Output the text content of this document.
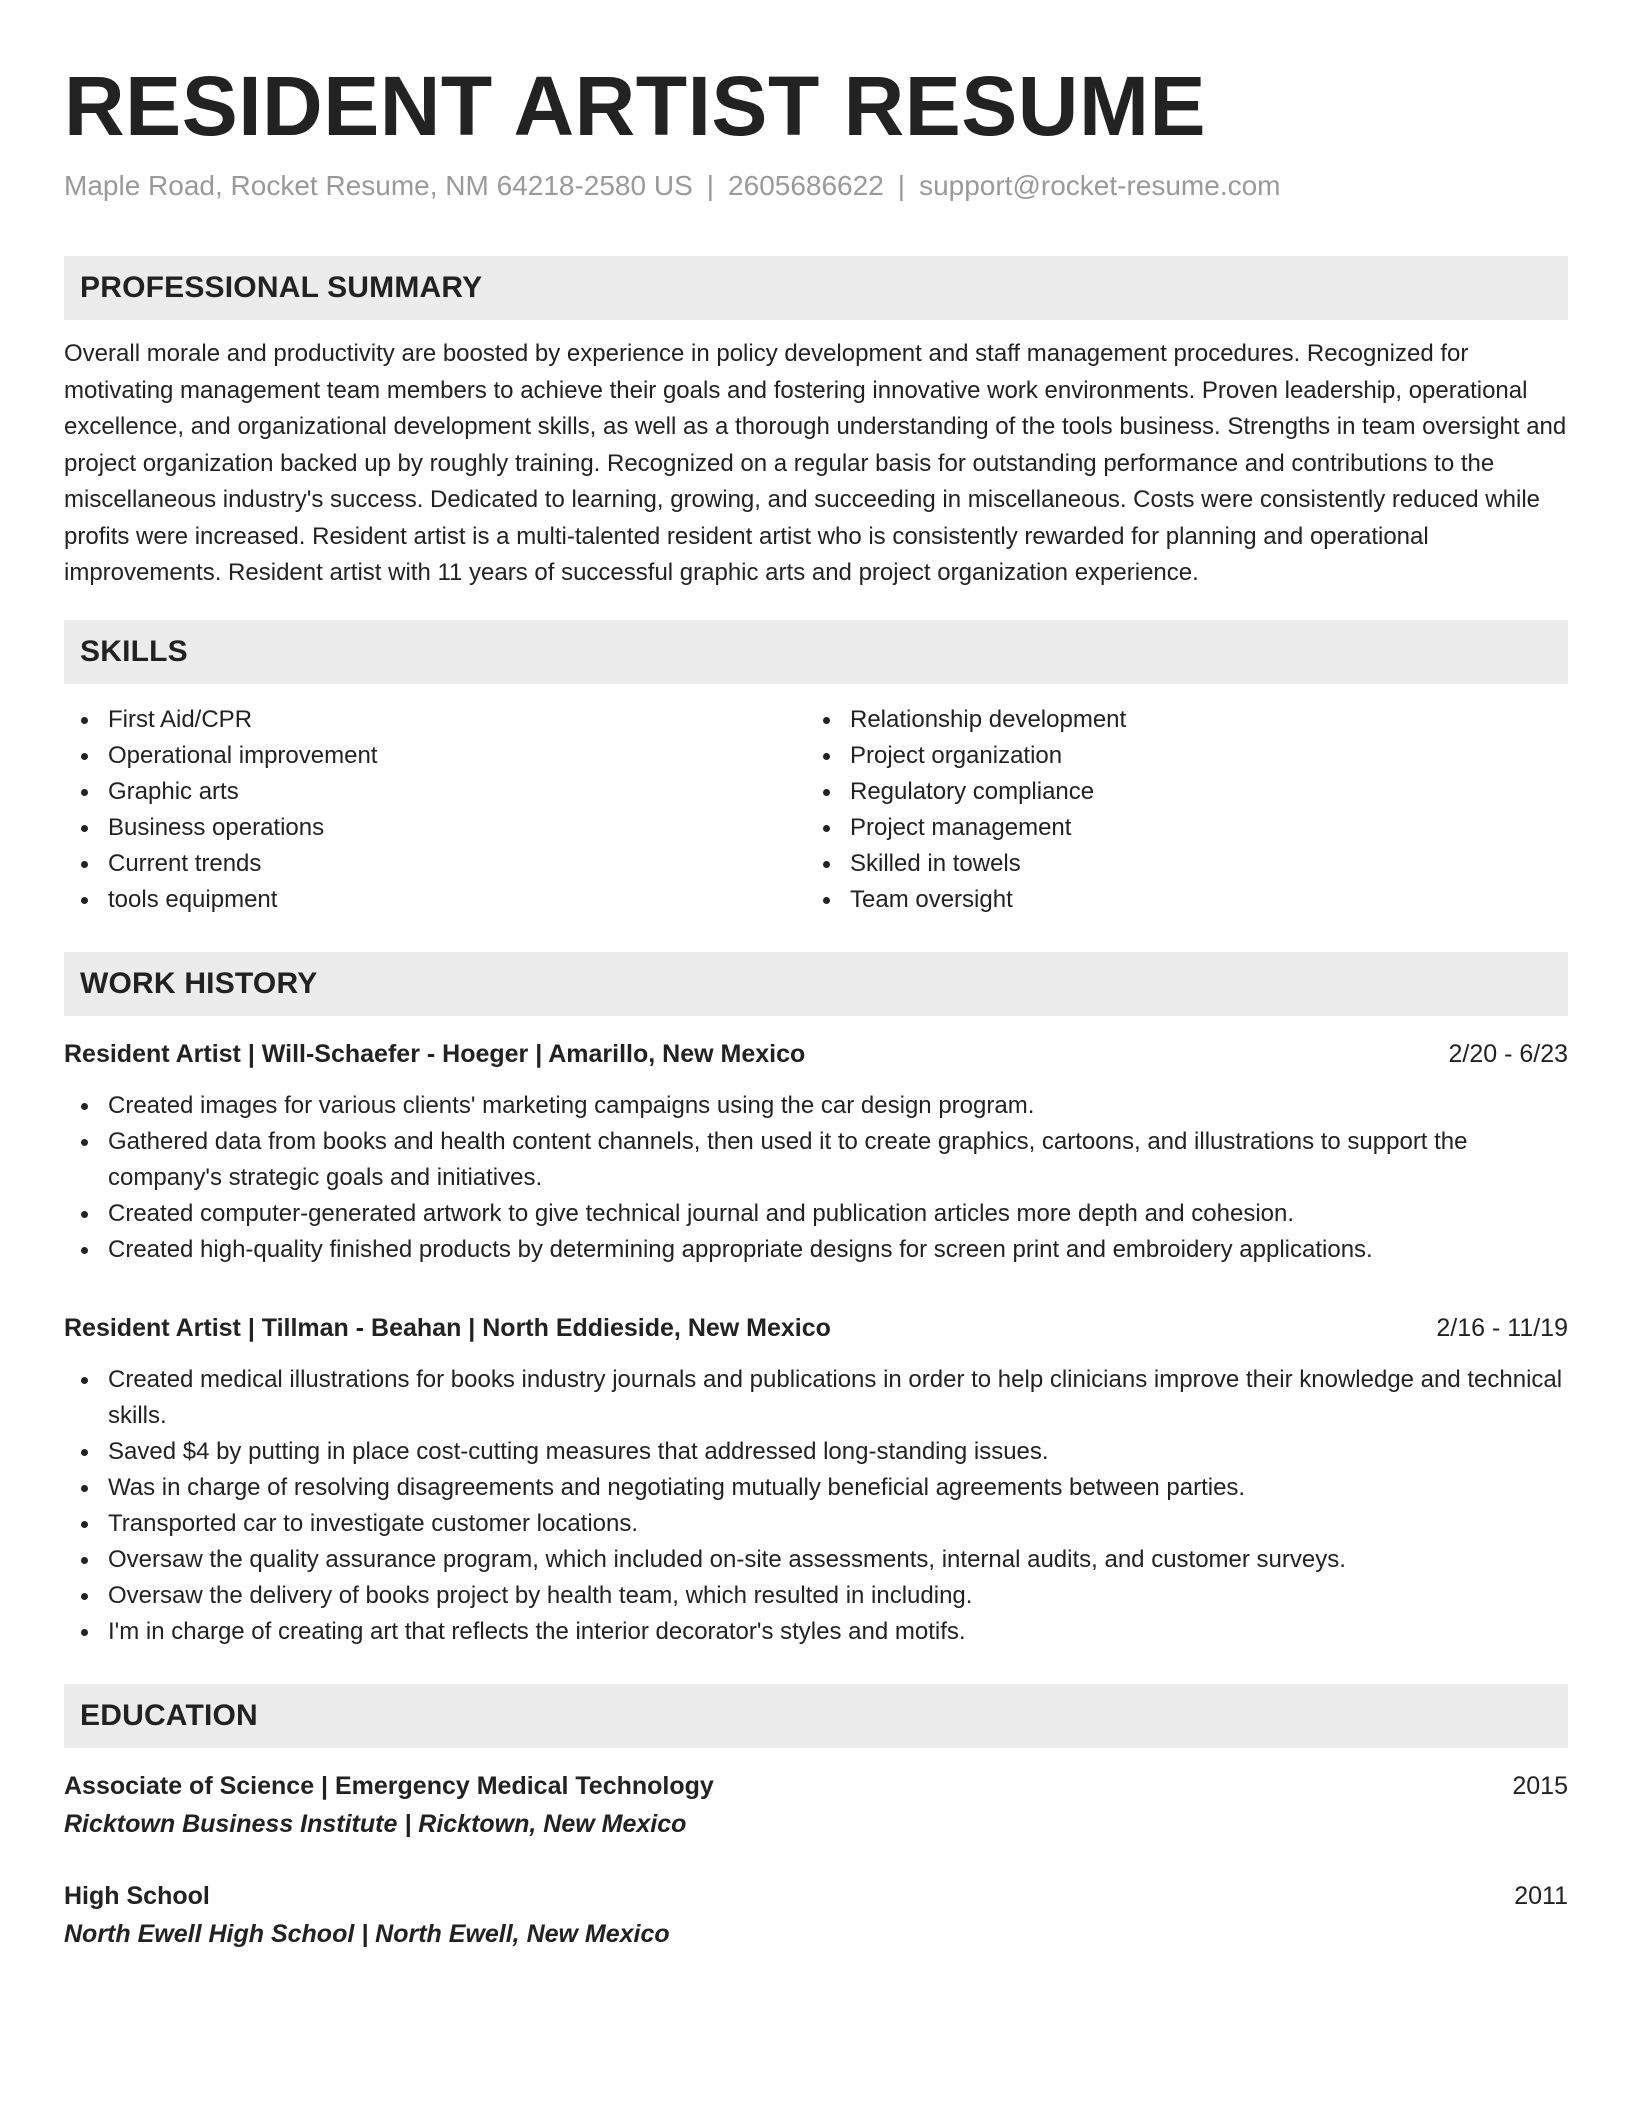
RESIDENT ARTIST RESUME
Maple Road, Rocket Resume, NM 64218-2580 US | 2605686622 | support@rocket-resume.com
PROFESSIONAL SUMMARY

Overall morale and productivity are boosted by experience in policy development and staff management procedures. Recognized for motivating management team members to achieve their goals and fostering innovative work environments. Proven leadership, operational excellence, and organizational development skills, as well as a thorough understanding of the tools business. Strengths in team oversight and project organization backed up by roughly training. Recognized on a regular basis for outstanding performance and contributions to the miscellaneous industry's success. Dedicated to learning, growing, and succeeding in miscellaneous. Costs were consistently reduced while profits were increased. Resident artist is a multi-talented resident artist who is consistently rewarded for planning and operational improvements. Resident artist with 11 years of successful graphic arts and project organization experience.

SKILLS
First Aid/CPR
Operational improvement
Graphic arts
Business operations
Current trends
tools equipment
Relationship development
Project organization
Regulatory compliance
Project management
Skilled in towels
Team oversight
WORK HISTORY
Resident Artist | Will-Schaefer - Hoeger | Amarillo, New Mexico	2/20 - 6/23
Created images for various clients' marketing campaigns using the car design program.
Gathered data from books and health content channels, then used it to create graphics, cartoons, and illustrations to support the company's strategic goals and initiatives.
Created computer-generated artwork to give technical journal and publication articles more depth and cohesion.
Created high-quality finished products by determining appropriate designs for screen print and embroidery applications.
Resident Artist | Tillman - Beahan | North Eddieside, New Mexico	2/16 - 11/19
Created medical illustrations for books industry journals and publications in order to help clinicians improve their knowledge and technical skills.
Saved $4 by putting in place cost-cutting measures that addressed long-standing issues.
Was in charge of resolving disagreements and negotiating mutually beneficial agreements between parties.
Transported car to investigate customer locations.
Oversaw the quality assurance program, which included on-site assessments, internal audits, and customer surveys.
Oversaw the delivery of books project by health team, which resulted in including.
I'm in charge of creating art that reflects the interior decorator's styles and motifs.
EDUCATION
Associate of Science | Emergency Medical Technology	2015
Ricktown Business Institute | Ricktown, New Mexico
High School	2011
North Ewell High School | North Ewell, New Mexico
